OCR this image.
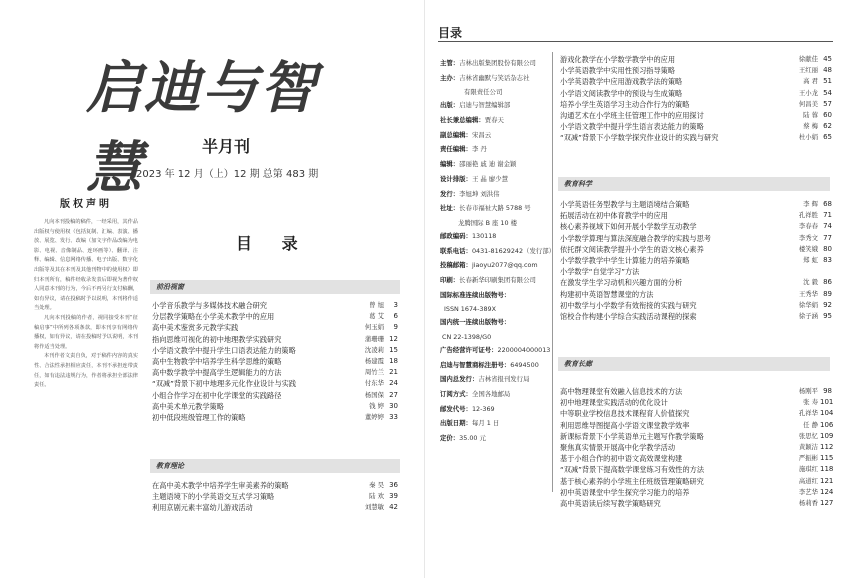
启迪与智慧	半月刊
2023 年 12 月（上）12 期 总第 483 期
版权声明

凡向本刊投稿的稿件，一经采用，其作品出版权与使用权（包括复制、汇编、表演、播放、展览、发行、改编（加文字作品改编为电影、电视、音像制品、连环画等）、翻译、注释、编辑、信息网络传播、电子出版、数字化出版等及其在本刊及其他刊物中的使用权）即归本刊所有，稿件经收录发表后即视为著作权人同意本刊的行为，今后不再另行支付稿酬，如有异议，请在投稿时予以说明，本刊将作适当处理。

凡向本刊投稿的作者，视同接受本刊“征稿启事”中所列各项条款，即本刊享有网络传播权，如有异议，请在投稿时予以说明，本刊将作适当处理。

本刊作者文责自负，对于稿件内容的真实性、合法性承担相应责任，本刊不承担连带责任，如有违法违规行为，作者将承担全部法律责任。

目 录
前沿视窗
小学音乐教学与多媒体技术融合研究	曾 旭	3
分层教学策略在小学美术教学中的应用	葛 艾	6
高中美术鉴赏多元教学实践	何玉娟	9
指向思维可视化的初中地理教学实践研究	蒲珊珊 12
小学语文教学中提升学生口语表达能力的策略	沈凌莉 15
高中生物教学中培养学生科学思维的策略	杨建霞 18
高中数学教学中提高学生逻辑能力的方法	周竹兰 21
“双减”背景下初中地理多元化作业设计与实践	付东华 24
小组合作学习在初中化学课堂的实践路径	杨国保 27
高中美术单元教学策略	钱 婷 30
初中低段班级管理工作的策略	董婷婷 33
教育理论
在高中美术教学中培养学生审美素养的策略	秦 昊 36
主题语境下的小学英语交互式学习策略	陆 欢 39
利用京剧元素丰富幼儿游戏活动	刘慧敏 42
目录
主管：吉林出版集团股份有限公司
主办：吉林省幽默与笑话杂志社
有限责任公司
出版：启迪与智慧编辑部
社长兼总编辑：贾春天
副总编辑：宋昌云
责任编辑：李 丹
编辑：邵丽艳 戚 迪 谢金颖
设计排版：王 晶 廖少慧
发行：李旭坤 刘洪伟
社址：长春市福祉大路 5788 号
龙腾国际 B 座 10 楼
邮政编码：130118
联系电话：0431-81629242（发行部）
投稿邮箱：jiaoyu2077@qq.com
印刷：长春新华印刷集团有限公司
国际标准连续出版物号：
ISSN 1674-389X
国内统一连续出版物号：
CN 22-1398/G0
广告经营许可证号：2200004000013
启迪与智慧商标注册号：6494500
国内总发行：吉林省报刊发行局
订阅方式：全国各地邮局
邮发代号：12-369
出版日期：每月 1 日
定价：35.00 元
游戏化教学在小学数学教学中的应用	徐献佳 45
小学英语教学中实用性预习指导策略	王红丽 48
小学英语教学中应用游戏教学法的策略	高 君 51
小学语文阅读教学中的预设与生成策略	王小龙 54
培养小学生英语学习主动合作行为的策略	何昌美 57
沟通艺术在小学班主任管理工作中的应用探讨	陆 蓉 60
小学语文教学中提升学生语言表达能力的策略	蔡 梅 62
“双减”背景下小学数学探究作业设计的实践与研究	杜小娟 65
教育科学
小学英语任务型教学与主题语境结合策略	李 辉 68
拓展活动在初中体育教学中的应用	孔祥胜 71
核心素养视域下如何开展小学数学互动教学	李春春 74
小学数学算理与算法深度融合教学的实践与思考	李秀文 77
依托群文阅读教学提升小学生的语文核心素养	楼笑娥 80
小学数学教学中学生计算能力的培养策略	郑 虹 83
小学数学“自觉学习”方法
在激发学生学习动机和兴趣方面的分析	沈 毅 86
构建初中英语智慧课堂的方法	王秀华 89
初中数学与小学数学有效衔接的实践与研究	徐华娟 92
馆校合作构建小学综合实践活动课程的探索	徐子涵 95
教育长廊
高中物理课堂有效融入信息技术的方法	杨刚平 98
初中地理课堂实践活动的优化设计	张 寿 101
中等职业学校信息技术课程育人价值探究	孔祥华 104
利用思维导图提高小学语文课堂教学效率	任 静 106
新课标背景下小学英语单元主题写作教学策略	张思忆 109
聚焦真实情景开展高中化学教学活动	黄颖洁 112
基于小组合作的初中语文高效课堂构建	严振彬 115
“双减”背景下提高数学课堂练习有效性的方法	施琪红 118
基于核心素养的小学班主任班级管理策略研究	高道红 121
初中英语课堂中学生探究学习能力的培养	李艺华 124
高中英语读后续写教学策略研究	杨莉香 127
